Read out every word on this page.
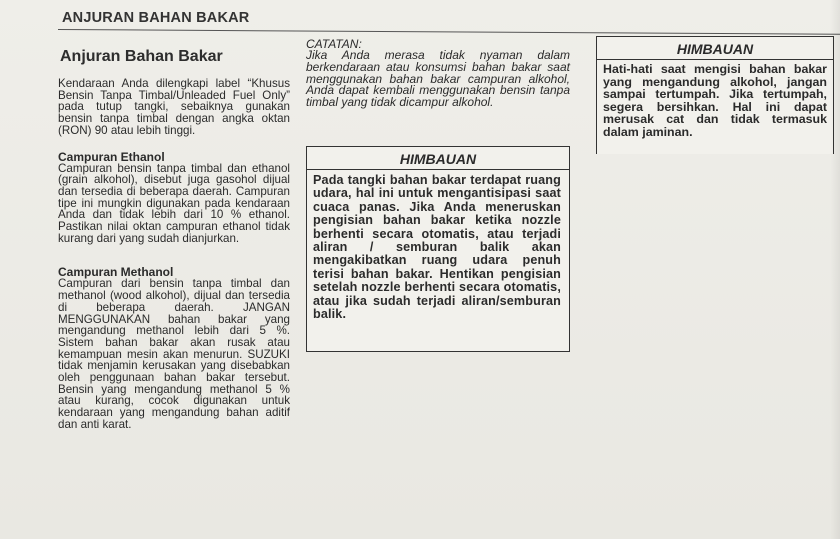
ANJURAN BAHAN BAKAR
Anjuran Bahan Bakar

Kendaraan Anda dilengkapi label “Khusus Bensin Tanpa Timbal/Unleaded Fuel Only” pada tutup tangki, sebaiknya gunakan bensin tanpa timbal dengan angka oktan (RON) 90 atau lebih tinggi.

Campuran Ethanol

Campuran bensin tanpa timbal dan ethanol (grain alkohol), disebut juga gasohol dijual dan tersedia di beberapa daerah. Campuran tipe ini mungkin digunakan pada kendaraan Anda dan tidak lebih dari 10 % ethanol. Pastikan nilai oktan campuran ethanol tidak kurang dari yang sudah dianjurkan.

Campuran Methanol

Campuran dari bensin tanpa timbal dan methanol (wood alkohol), dijual dan tersedia di beberapa daerah. JANGAN MENGGUNAKAN bahan bakar yang mengandung methanol lebih dari 5 %. Sistem bahan bakar akan rusak atau kemampuan mesin akan menurun. SUZUKI tidak menjamin kerusakan yang disebabkan oleh penggunaan bahan bakar tersebut. Bensin yang mengandung methanol 5 % atau kurang, cocok digunakan untuk kendaraan yang mengandung bahan aditif dan anti karat.

CATATAN:

Jika Anda merasa tidak nyaman dalam berkendaraan atau konsumsi bahan bakar saat menggunakan bahan bakar campuran alkohol, Anda dapat kembali menggunakan bensin tanpa timbal yang tidak dicampur alkohol.

HIMBAUAN
Pada tangki bahan bakar terdapat ruang udara, hal ini untuk mengantisipasi saat cuaca panas. Jika Anda meneruskan pengisian bahan bakar ketika nozzle berhenti secara otomatis, atau terjadi aliran / semburan balik akan mengakibatkan ruang udara penuh terisi bahan bakar. Hentikan pengisian setelah nozzle berhenti secara otomatis, atau jika sudah terjadi aliran/semburan balik.
HIMBAUAN
Hati-hati saat mengisi bahan bakar yang mengandung alkohol, jangan sampai tertumpah. Jika tertumpah, segera bersihkan. Hal ini dapat merusak cat dan tidak termasuk dalam jaminan.
